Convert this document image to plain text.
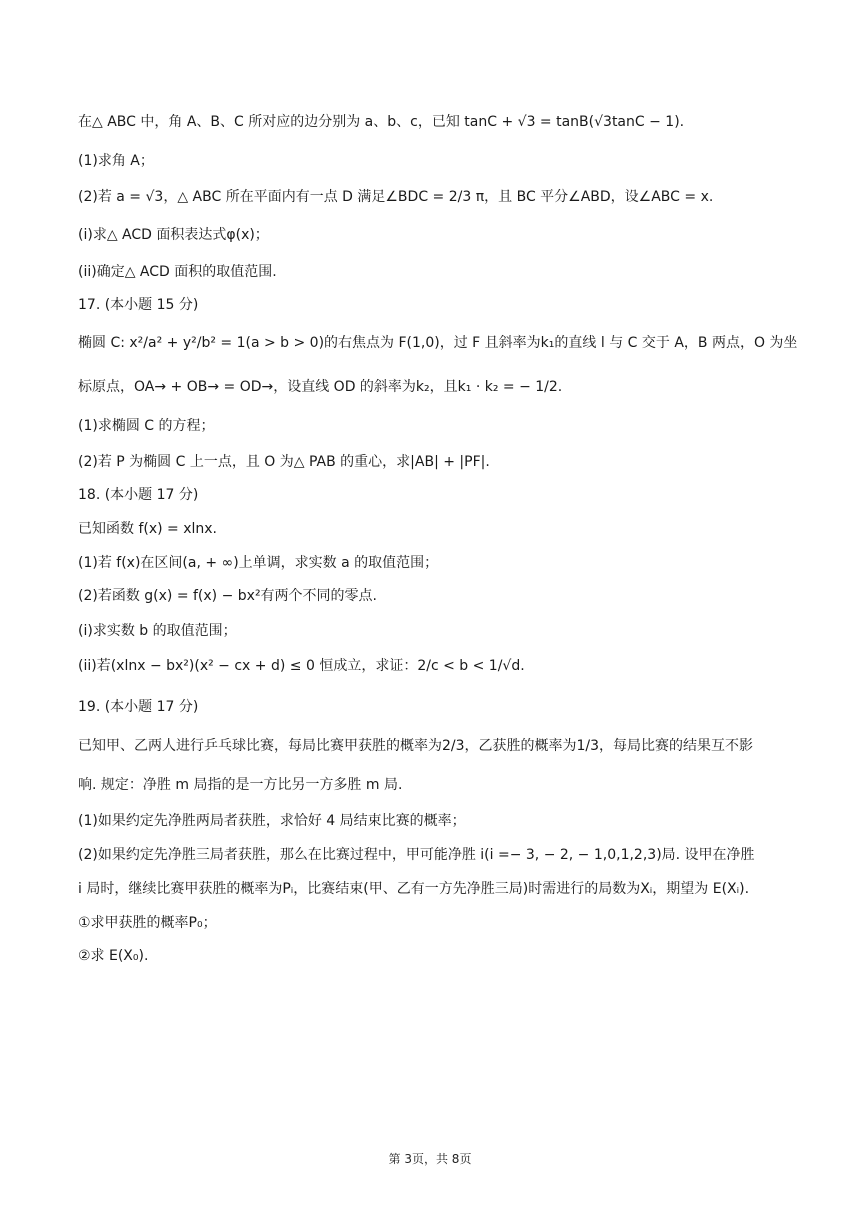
在△ ABC 中，角 A、B、C 所对应的边分别为 a、b、c，已知 tanC + √3 = tanB(√3tanC − 1).
(1)求角 A；
(2)若 a = √3，△ ABC 所在平面内有一点 D 满足∠BDC = 2/3 π，且 BC 平分∠ABD，设∠ABC = x.
(i)求△ ACD 面积表达式φ(x)；
(ii)确定△ ACD 面积的取值范围.
17. (本小题 15 分)
椭圆 C: x²/a² + y²/b² = 1(a > b > 0)的右焦点为 F(1,0)，过 F 且斜率为k₁的直线 l 与 C 交于 A，B 两点，O 为坐
标原点，OA→ + OB→ = OD→，设直线 OD 的斜率为k₂，且k₁ · k₂ = − 1/2.
(1)求椭圆 C 的方程；
(2)若 P 为椭圆 C 上一点，且 O 为△ PAB 的重心，求|AB| + |PF|.
18. (本小题 17 分)
已知函数 f(x) = xlnx.
(1)若 f(x)在区间(a, + ∞)上单调，求实数 a 的取值范围；
(2)若函数 g(x) = f(x) − bx²有两个不同的零点.
(i)求实数 b 的取值范围；
(ii)若(xlnx − bx²)(x² − cx + d) ≤ 0 恒成立，求证：2/c < b < 1/√d.
19. (本小题 17 分)
已知甲、乙两人进行乒乓球比赛，每局比赛甲获胜的概率为2/3，乙获胜的概率为1/3，每局比赛的结果互不影
响. 规定：净胜 m 局指的是一方比另一方多胜 m 局.
(1)如果约定先净胜两局者获胜，求恰好 4 局结束比赛的概率；
(2)如果约定先净胜三局者获胜，那么在比赛过程中，甲可能净胜 i(i =− 3, − 2, − 1,0,1,2,3)局. 设甲在净胜
i 局时，继续比赛甲获胜的概率为Pᵢ，比赛结束(甲、乙有一方先净胜三局)时需进行的局数为Xᵢ，期望为 E(Xᵢ).
①求甲获胜的概率P₀；
②求 E(X₀).
第 3页，共 8页
